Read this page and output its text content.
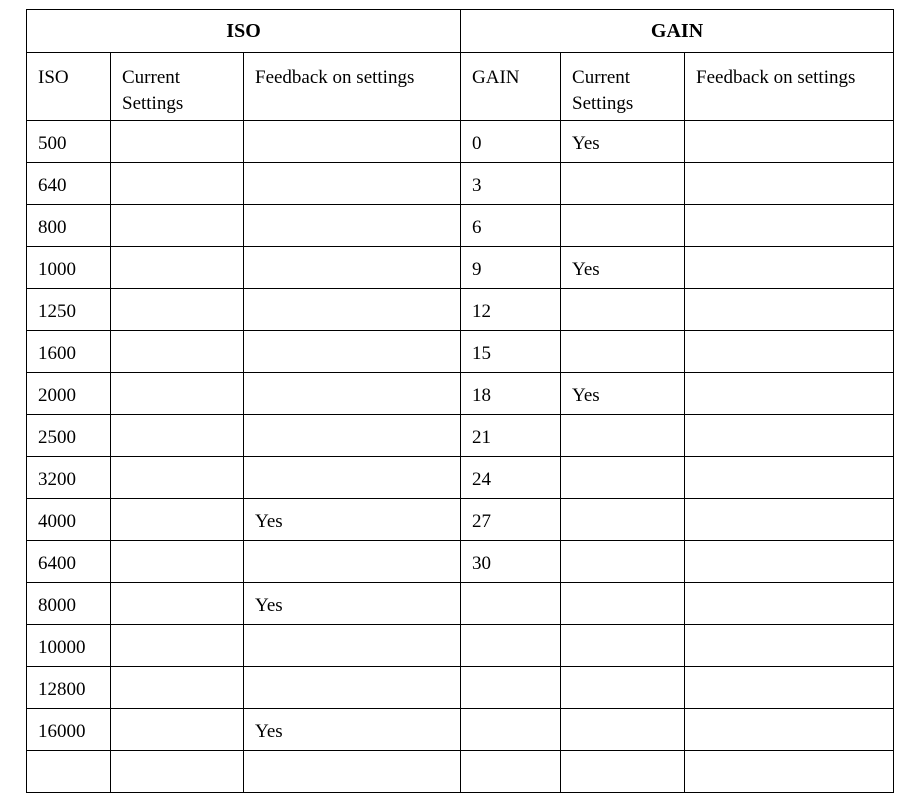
ISO			GAIN		
ISO	Current Settings	Feedback on settings	GAIN	Current Settings	Feedback on settings
500			0	Yes	
640			3		
800			6		
1000			9	Yes	
1250			12		
1600			15		
2000			18	Yes	
2500			21		
3200			24		
4000		Yes	27		
6400			30		
8000		Yes			
10000					
12800					
16000		Yes			
